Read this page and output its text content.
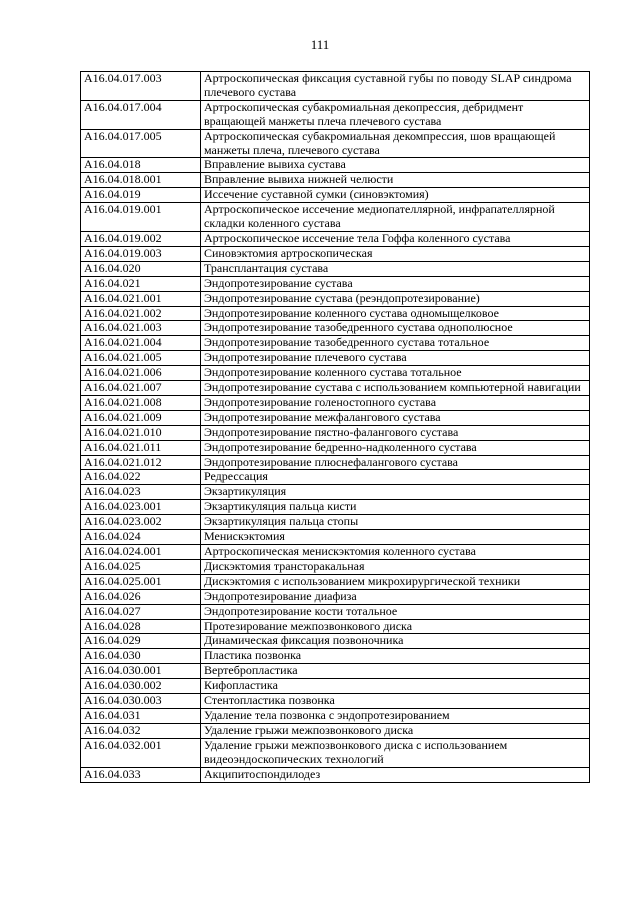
111
A16.04.017.003	Артроскопическая фиксация суставной губы по поводу SLAP синдрома плечевого сустава
A16.04.017.004	Артроскопическая субакромиальная декопрессия, дебридмент вращающей манжеты плеча плечевого сустава
A16.04.017.005	Артроскопическая субакромиальная декомпрессия, шов вращающей манжеты плеча, плечевого сустава
A16.04.018	Вправление вывиха сустава
A16.04.018.001	Вправление вывиха нижней челюсти
A16.04.019	Иссечение суставной сумки (синовэктомия)
A16.04.019.001	Артроскопическое иссечение медиопателлярной, инфрапателлярной складки коленного сустава
A16.04.019.002	Артроскопическое иссечение тела Гоффа коленного сустава
A16.04.019.003	Синовэктомия артроскопическая
A16.04.020	Трансплантация сустава
A16.04.021	Эндопротезирование сустава
A16.04.021.001	Эндопротезирование сустава (реэндопротезирование)
A16.04.021.002	Эндопротезирование коленного сустава одномыщелковое
A16.04.021.003	Эндопротезирование тазобедренного сустава однополюсное
A16.04.021.004	Эндопротезирование тазобедренного сустава тотальное
A16.04.021.005	Эндопротезирование плечевого сустава
A16.04.021.006	Эндопротезирование коленного сустава тотальное
A16.04.021.007	Эндопротезирование сустава с использованием компьютерной навигации
A16.04.021.008	Эндопротезирование голеностопного сустава
A16.04.021.009	Эндопротезирование межфалангового сустава
A16.04.021.010	Эндопротезирование пястно-фалангового сустава
A16.04.021.011	Эндопротезирование бедренно-надколенного сустава
A16.04.021.012	Эндопротезирование плюснефалангового сустава
A16.04.022	Редрессация
A16.04.023	Экзартикуляция
A16.04.023.001	Экзартикуляция пальца кисти
A16.04.023.002	Экзартикуляция пальца стопы
A16.04.024	Менискэктомия
A16.04.024.001	Артроскопическая менискэктомия коленного сустава
A16.04.025	Дискэктомия трансторакальная
A16.04.025.001	Дискэктомия с использованием микрохирургической техники
A16.04.026	Эндопротезирование диафиза
A16.04.027	Эндопротезирование кости тотальное
A16.04.028	Протезирование межпозвонкового диска
A16.04.029	Динамическая фиксация позвоночника
A16.04.030	Пластика позвонка
A16.04.030.001	Вертебропластика
A16.04.030.002	Кифопластика
A16.04.030.003	Стентопластика позвонка
A16.04.031	Удаление тела позвонка с эндопротезированием
A16.04.032	Удаление грыжи межпозвонкового диска
A16.04.032.001	Удаление грыжи межпозвонкового диска с использованием видеоэндоскопических технологий
A16.04.033	Акципитоспондилодез
